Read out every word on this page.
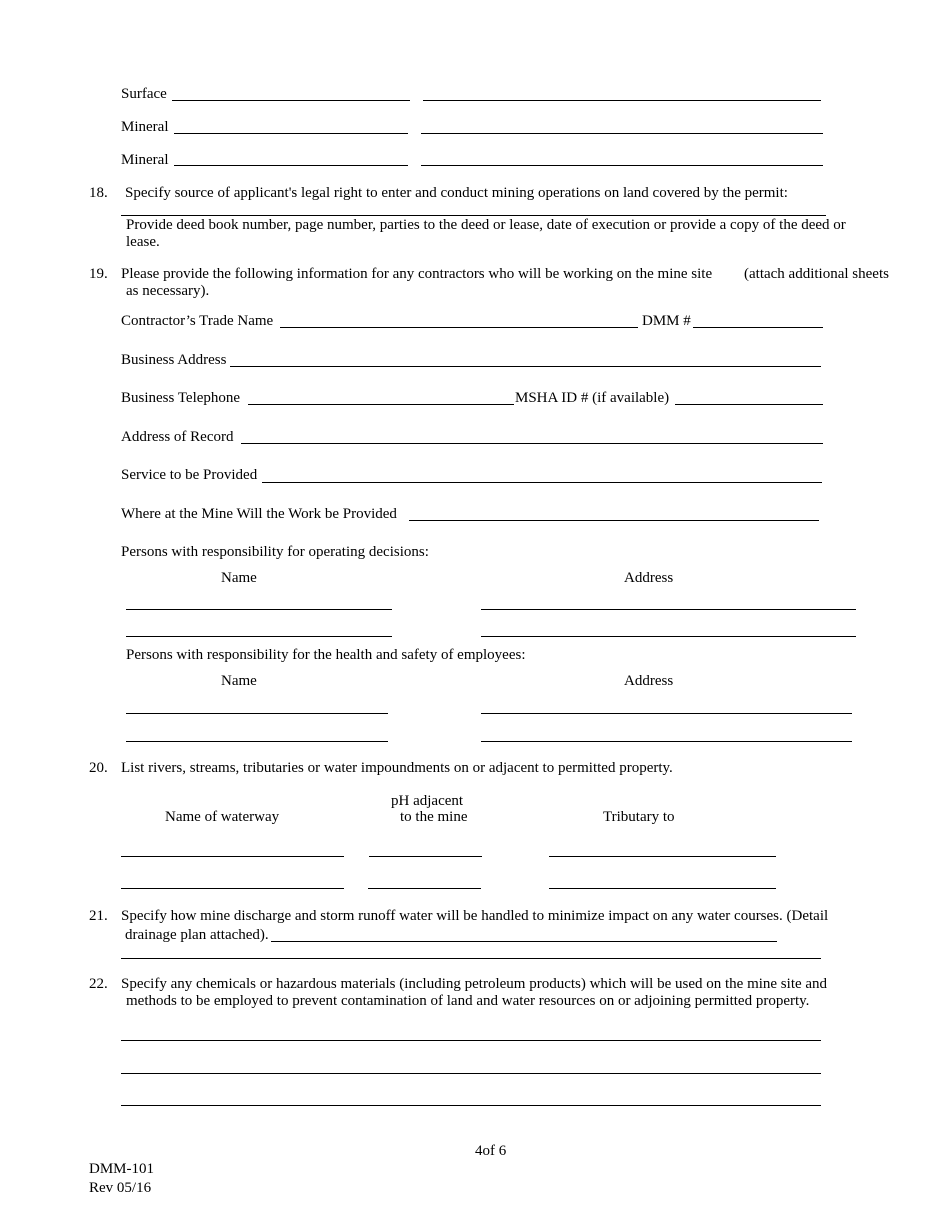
Surface
Mineral
Mineral
18. Specify source of applicant's legal right to enter and conduct mining operations on land covered by the permit:
Provide deed book number, page number, parties to the deed or lease, date of execution or provide a copy of the deed or
lease.
19. Please provide the following information for any contractors who will be working on the mine site (attach additional sheets
as necessary).
Contractor’s Trade Name	DMM #
Business Address
Business Telephone	MSHA ID # (if available)
Address of Record
Service to be Provided
Where at the Mine Will the Work be Provided
Persons with responsibility for operating decisions:
Name	Address
Persons with responsibility for the health and safety of employees:
Name	Address
20. List rivers, streams, tributaries or water impoundments on or adjacent to permitted property.
pH adjacent
Name of waterway	to the mine	Tributary to
21. Specify how mine discharge and storm runoff water will be handled to minimize impact on any water courses. (Detail
drainage plan attached).
22. Specify any chemicals or hazardous materials (including petroleum products) which will be used on the mine site and
methods to be employed to prevent contamination of land and water resources on or adjoining permitted property.
4of 6
DMM-101
Rev 05/16
